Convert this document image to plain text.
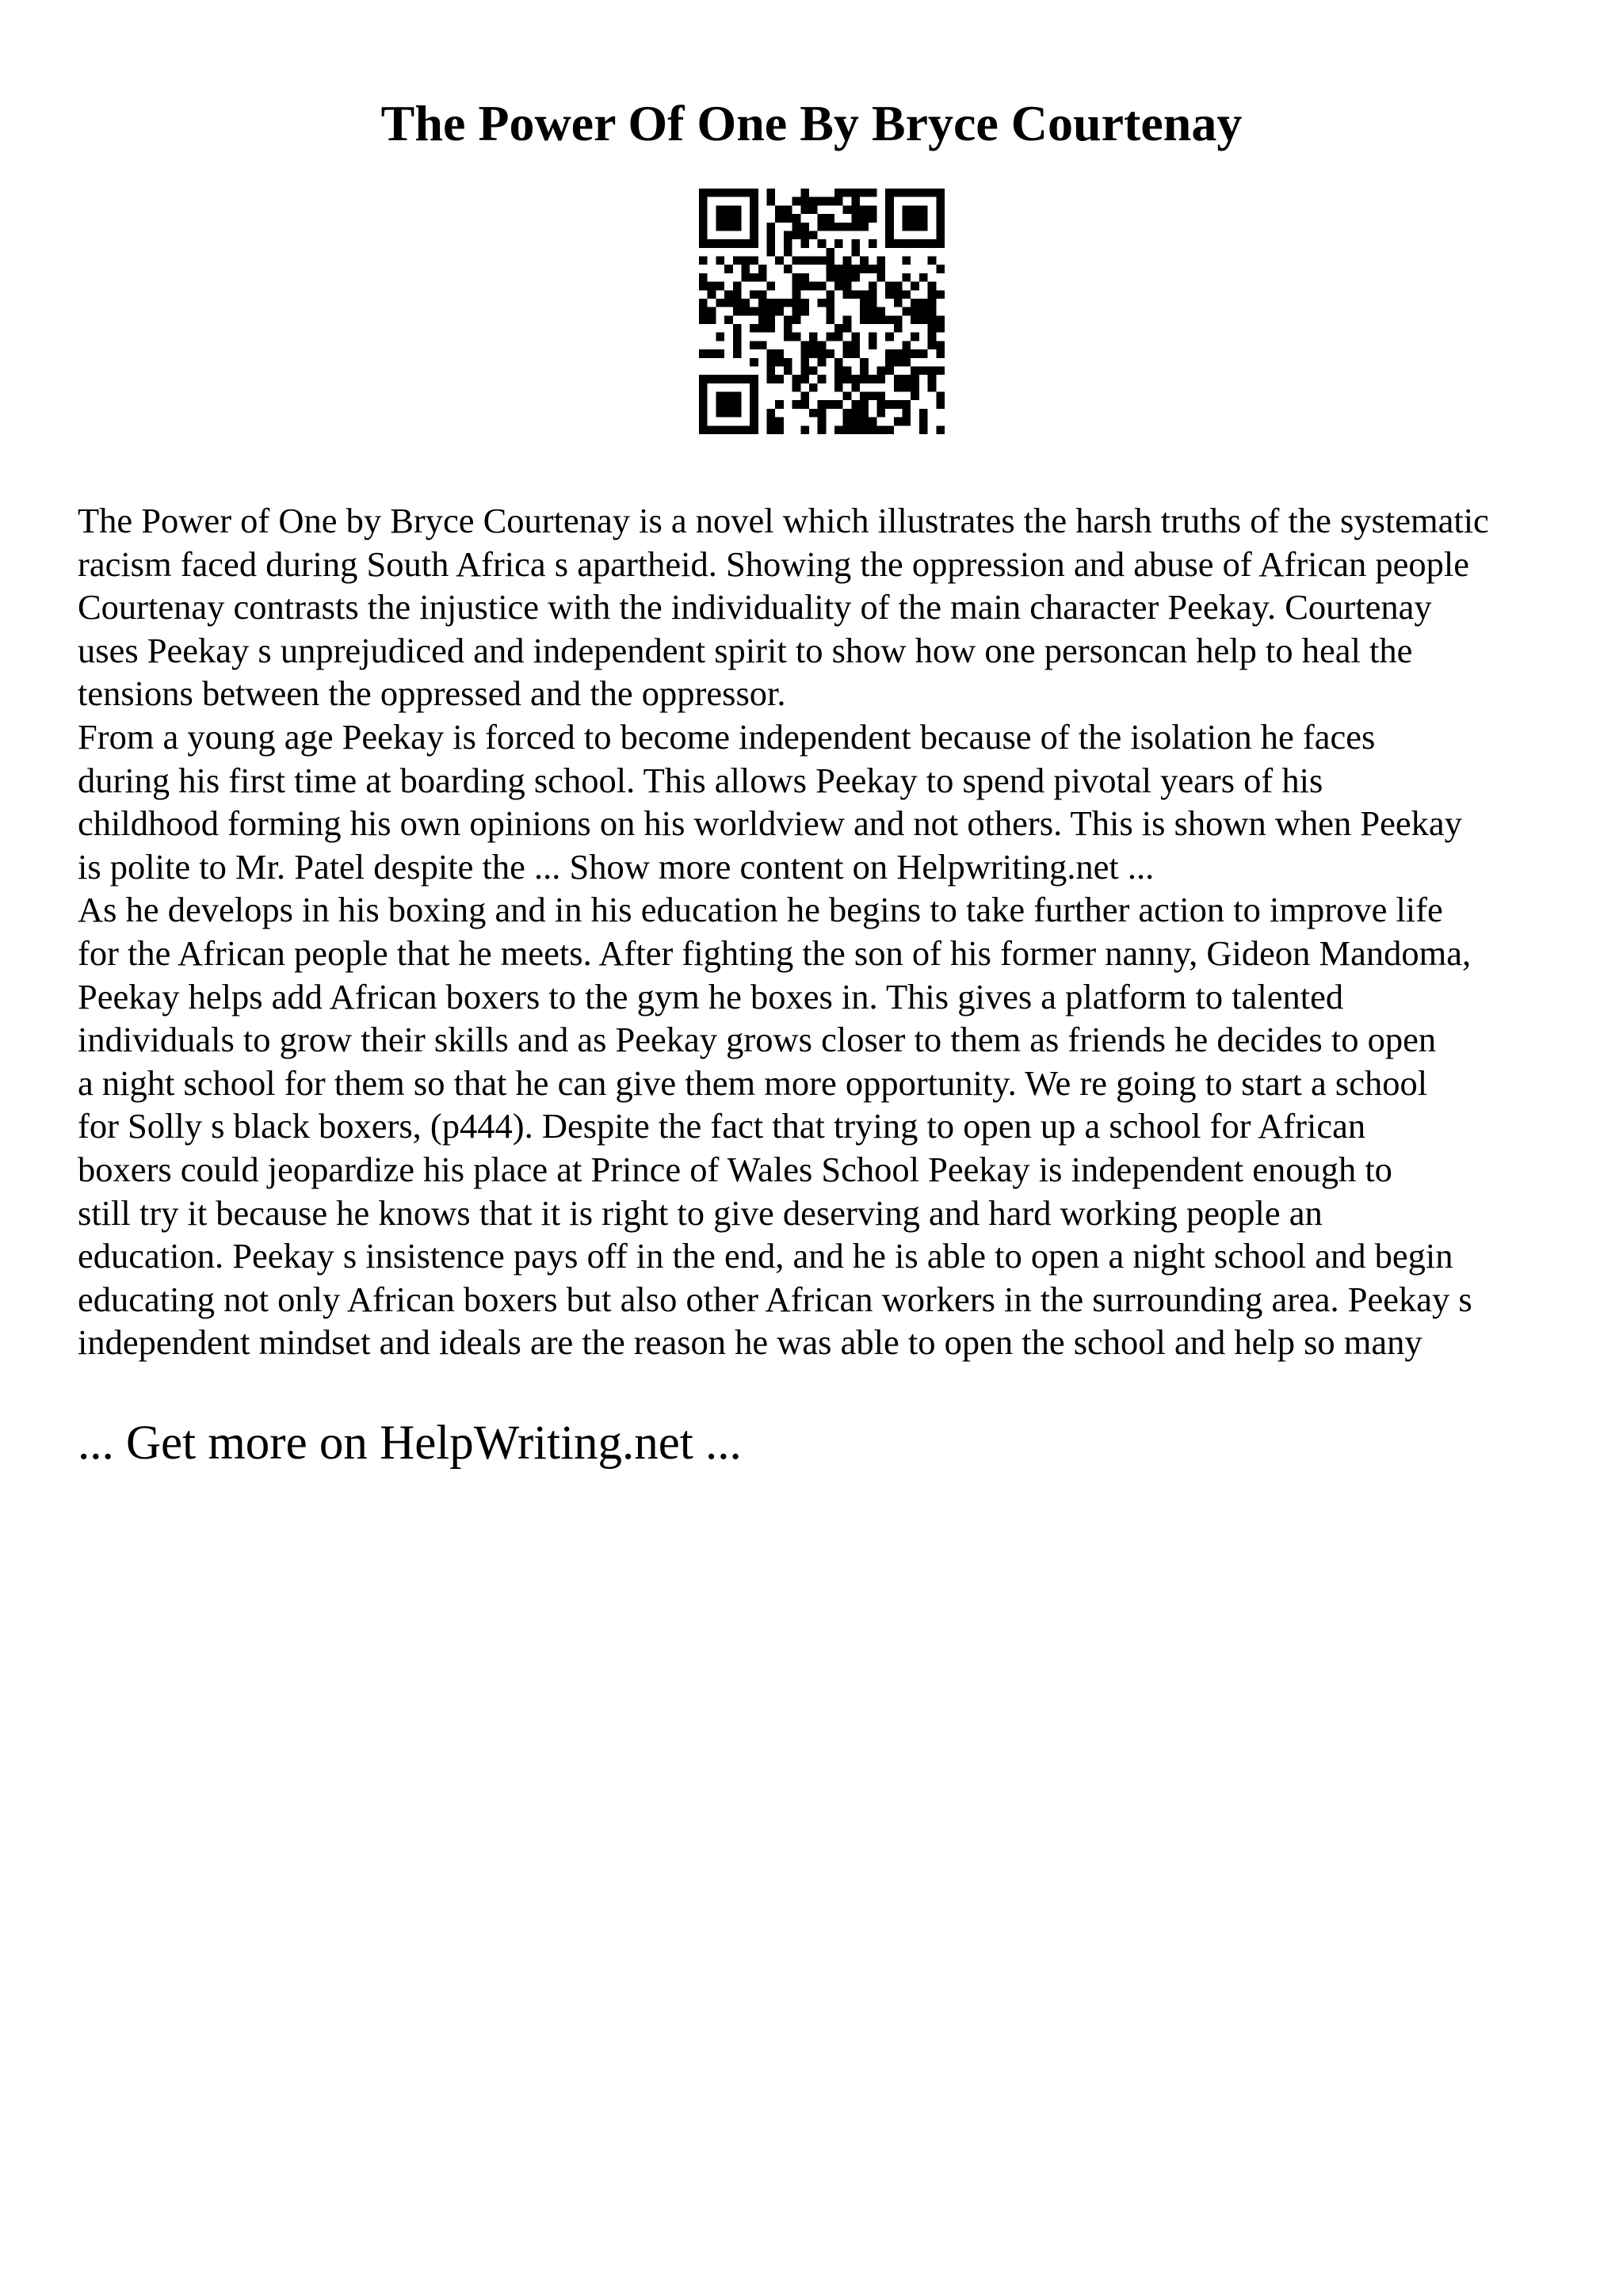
The Power Of One By Bryce Courtenay
The Power of One by Bryce Courtenay is a novel which illustrates the harsh truths of the systematic
racism faced during South Africa s apartheid. Showing the oppression and abuse of African people
Courtenay contrasts the injustice with the individuality of the main character Peekay. Courtenay
uses Peekay s unprejudiced and independent spirit to show how one personcan help to heal the
tensions between the oppressed and the oppressor.
From a young age Peekay is forced to become independent because of the isolation he faces
during his first time at boarding school. This allows Peekay to spend pivotal years of his
childhood forming his own opinions on his worldview and not others. This is shown when Peekay
is polite to Mr. Patel despite the ... Show more content on Helpwriting.net ...
As he develops in his boxing and in his education he begins to take further action to improve life
for the African people that he meets. After fighting the son of his former nanny, Gideon Mandoma,
Peekay helps add African boxers to the gym he boxes in. This gives a platform to talented
individuals to grow their skills and as Peekay grows closer to them as friends he decides to open
a night school for them so that he can give them more opportunity. We re going to start a school
for Solly s black boxers, (p444). Despite the fact that trying to open up a school for African
boxers could jeopardize his place at Prince of Wales School Peekay is independent enough to
still try it because he knows that it is right to give deserving and hard working people an
education. Peekay s insistence pays off in the end, and he is able to open a night school and begin
educating not only African boxers but also other African workers in the surrounding area. Peekay s
independent mindset and ideals are the reason he was able to open the school and help so many
... Get more on HelpWriting.net ...
